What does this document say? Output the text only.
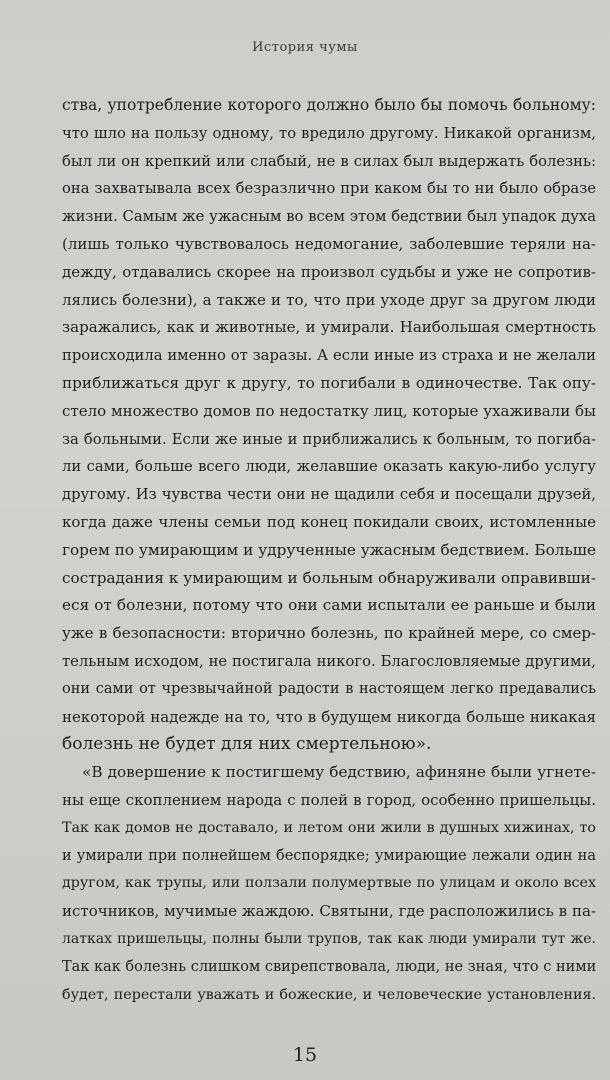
История чумы
ства, употребление которого должно было бы помочь больному:
что шло на пользу одному, то вредило другому. Никакой организм,
был ли он крепкий или слабый, не в силах был выдержать болезнь:
она захватывала всех безразлично при каком бы то ни было образе
жизни. Самым же ужасным во всем этом бедствии был упадок духа
(лишь только чувствовалось недомогание, заболевшие теряли на-
дежду, отдавались скорее на произвол судьбы и уже не сопротив-
лялись болезни), а также и то, что при уходе друг за другом люди
заражались, как и животные, и умирали. Наибольшая смертность
происходила именно от заразы. А если иные из страха и не желали
приближаться друг к другу, то погибали в одиночестве. Так опу-
стело множество домов по недостатку лиц, которые ухаживали бы
за больными. Если же иные и приближались к больным, то погиба-
ли сами, больше всего люди, желавшие оказать какую-либо услугу
другому. Из чувства чести они не щадили себя и посещали друзей,
когда даже члены семьи под конец покидали своих, истомленные
горем по умирающим и удрученные ужасным бедствием. Больше
сострадания к умирающим и больным обнаруживали оправивши-
еся от болезни, потому что они сами испытали ее раньше и были
уже в безопасности: вторично болезнь, по крайней мере, со смер-
тельным исходом, не постигала никого. Благословляемые другими,
они сами от чрезвычайной радости в настоящем легко предавались
некоторой надежде на то, что в будущем никогда больше никакая
болезнь не будет для них смертельною».
«В довершение к постигшему бедствию, афиняне были угнете-
ны еще скоплением народа с полей в город, особенно пришельцы.
Так как домов не доставало, и летом они жили в душных хижинах, то
и умирали при полнейшем беспорядке; умирающие лежали один на
другом, как трупы, или ползали полумертвые по улицам и около всех
источников, мучимые жаждою. Святыни, где расположились в па-
латках пришельцы, полны были трупов, так как люди умирали тут же.
Так как болезнь слишком свирепствовала, люди, не зная, что с ними
будет, перестали уважать и божеские, и человеческие установления.
15
